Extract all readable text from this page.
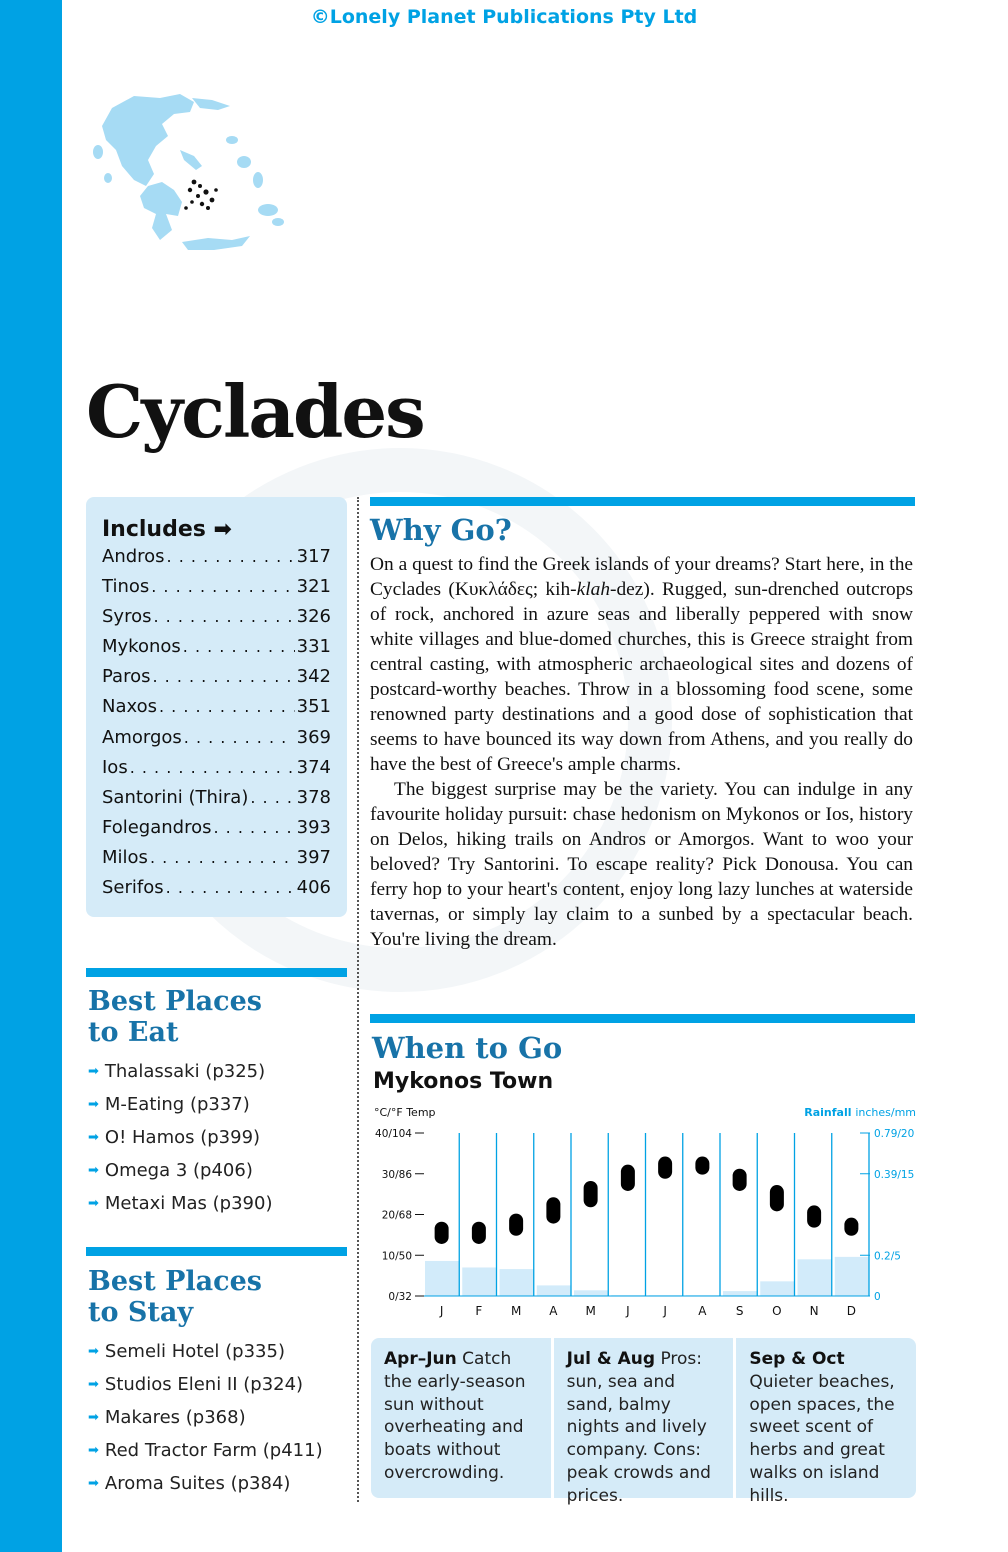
©Lonely Planet Publications Pty Ltd
Cyclades
Includes ➡
Andros . . .	317
Tinos . . .	321
Syros . . .	326
Mykonos . . .	331
Paros . . .	342
Naxos . . .	351
Amorgos . . .	369
Ios . . .	374
Santorini (Thira) . . .	378
Folegandros . . .	393
Milos . . .	397
Serifos . . .	406
Best Places
to Eat
➡ Thalassaki (p325)
➡ M-Eating (p337)
➡ O! Hamos (p399)
➡ Omega 3 (p406)
➡ Metaxi Mas (p390)
Best Places
to Stay
➡ Semeli Hotel (p335)
➡ Studios Eleni II (p324)
➡ Makares (p368)
➡ Red Tractor Farm (p411)
➡ Aroma Suites (p384)
Why Go?

On a quest to find the Greek islands of your dreams? Start here, in the Cyclades (Κυκλάδες; kih-klah-dez). Rugged, sun-drenched outcrops of rock, anchored in azure seas and liberally peppered with snow white villages and blue-domed churches, this is Greece straight from central casting, with atmospheric archaeological sites and dozens of postcard-worthy beaches. Throw in a blossoming food scene, some renowned party destinations and a good dose of sophistication that seems to have bounced its way down from Athens, and you really do have the best of Greece's ample charms.

The biggest surprise may be the variety. You can indulge in any favourite holiday pursuit: chase hedonism on Mykonos or Ios, history on Delos, hiking trails on Andros or Amorgos. Want to woo your beloved? Try Santorini. To escape reality? Pick Donousa. You can ferry hop to your heart's content, enjoy long lazy lunches at waterside tavernas, or simply lay claim to a sunbed by a spectacular beach. You're living the dream.

When to Go
Mykonos Town
°C/°F Temp	Rainfall inches/mm
40/104
30/86
20/68
10/50
0/32
0.79/20
0.39/15
0.2/5
0
J	F M A M	J	J	A S O N D
Apr–Jun Catch the early-season sun without overheating and boats without overcrowding.
Jul & Aug Pros: sun, sea and sand, balmy nights and lively company. Cons: peak crowds and prices.
Sep & Oct Quieter beaches, open spaces, the sweet scent of herbs and great walks on island hills.
